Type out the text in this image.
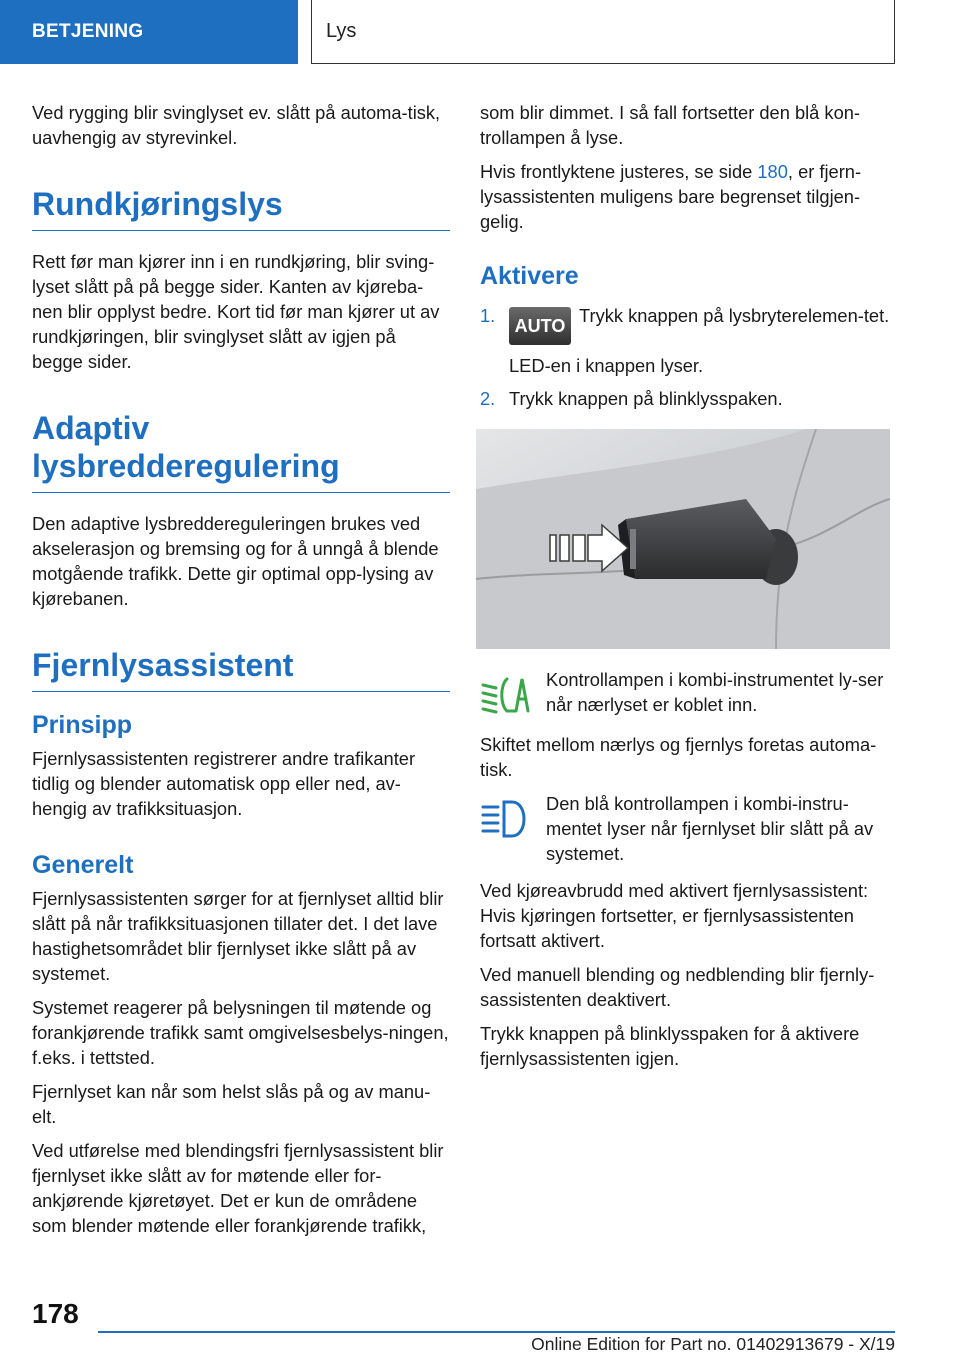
BETJENING	Lys

Ved rygging blir svinglyset ev. slått på automa-tisk, uavhengig av styrevinkel.

Rundkjøringslys

Rett før man kjører inn i en rundkjøring, blir sving-lyset slått på på begge sider. Kanten av kjøreba-nen blir opplyst bedre. Kort tid før man kjører ut av rundkjøringen, blir svinglyset slått av igjen på begge sider.

Adaptiv lysbredderegulering

Den adaptive lysbreddereguleringen brukes ved akselerasjon og bremsing og for å unngå å blende motgående trafikk. Dette gir optimal opp-lysing av kjørebanen.

Fjernlysassistent
Prinsipp

Fjernlysassistenten registrerer andre trafikanter tidlig og blender automatisk opp eller ned, av-hengig av trafikksituasjon.

Generelt

Fjernlysassistenten sørger for at fjernlyset alltid blir slått på når trafikksituasjonen tillater det. I det lave hastighetsområdet blir fjernlyset ikke slått på av systemet.

Systemet reagerer på belysningen til møtende og forankjørende trafikk samt omgivelsesbelys-ningen, f.eks. i tettsted.

Fjernlyset kan når som helst slås på og av manu-elt.

Ved utførelse med blendingsfri fjernlysassistent blir fjernlyset ikke slått av for møtende eller for-ankjørende kjøretøyet. Det er kun de områdene som blender møtende eller forankjørende trafikk,

som blir dimmet. I så fall fortsetter den blå kon-trollampen å lyse.

Hvis frontlyktene justeres, se side 180, er fjern-lysassistenten muligens bare begrenset tilgjen-gelig.

Aktivere
1. AUTO Trykk knappen på lysbryterelemen-tet.
LED-en i knappen lyser.
2. Trykk knappen på blinklysspaken.
Kontrollampen i kombi-instrumentet ly-ser når nærlyset er koblet inn.

Skiftet mellom nærlys og fjernlys foretas automa-tisk.

Den blå kontrollampen i kombi-instru-mentet lyser når fjernlyset blir slått på av systemet.

Ved kjøreavbrudd med aktivert fjernlysassistent: Hvis kjøringen fortsetter, er fjernlysassistenten fortsatt aktivert.

Ved manuell blending og nedblending blir fjernly-sassistenten deaktivert.

Trykk knappen på blinklysspaken for å aktivere fjernlysassistenten igjen.

178
Online Edition for Part no. 01402913679 - X/19
